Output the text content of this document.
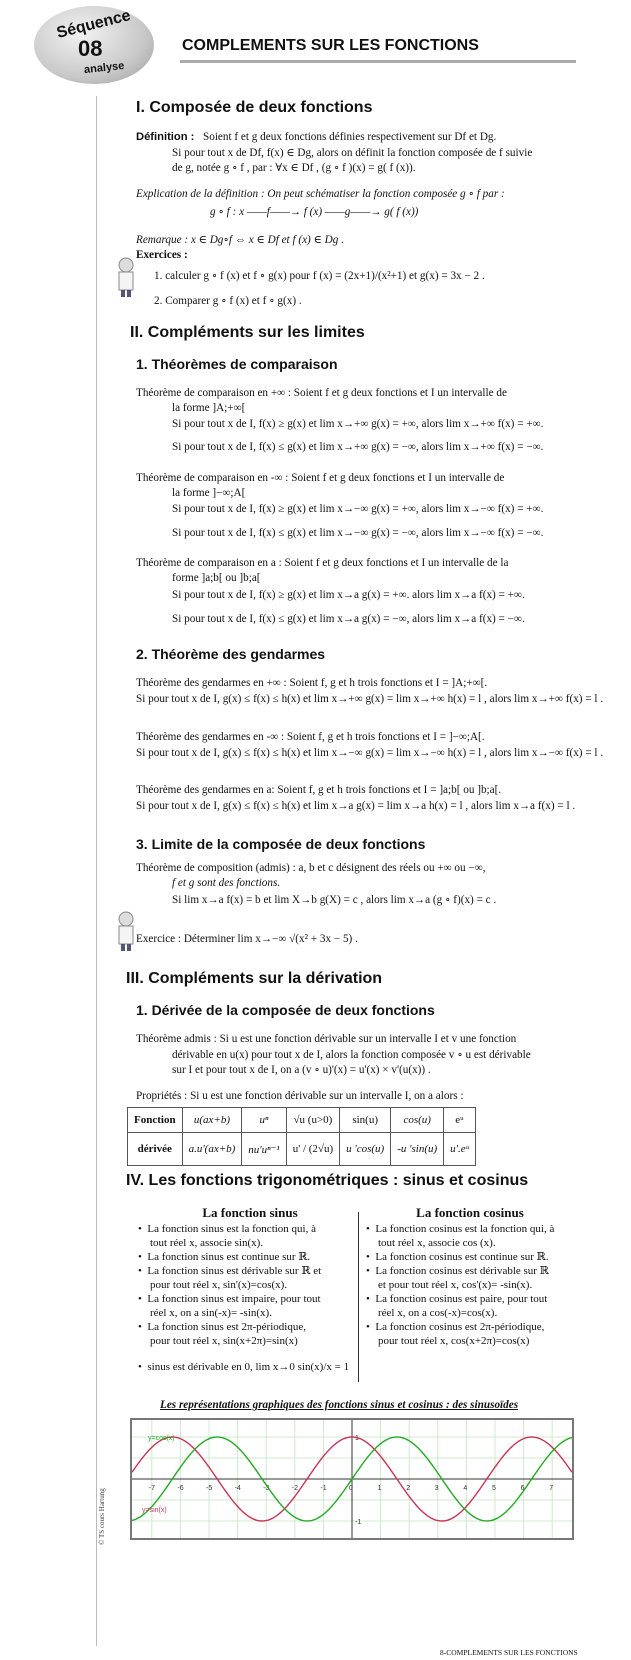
Séquence
08
analyse
COMPLEMENTS SUR LES FONCTIONS
I. Composée de deux fonctions
Définition : Soient f et g deux fonctions définies respectivement sur Df et Dg.
Si pour tout x de Df, f(x) ∈ Dg, alors on définit la fonction composée de f suivie
de g, notée g ∘ f , par : ∀x ∈ Df , (g ∘ f )(x) = g( f (x)).
Explication de la définition : On peut schématiser la fonction composée g ∘ f par :
g ∘ f : x ——f——→ f (x) ——g——→ g( f (x))
Remarque : x ∈ Dg∘f ⇔ x ∈ Df et f (x) ∈ Dg .
Exercices :
1. calculer g ∘ f (x) et f ∘ g(x) pour f (x) = (2x+1)/(x²+1) et g(x) = 3x − 2 .
2. Comparer g ∘ f (x) et f ∘ g(x) .
II. Compléments sur les limites
1. Théorèmes de comparaison
Théorème de comparaison en +∞ : Soient f et g deux fonctions et I un intervalle de
la forme ]A;+∞[
Si pour tout x de I, f(x) ≥ g(x) et lim x→+∞ g(x) = +∞, alors lim x→+∞ f(x) = +∞.
Si pour tout x de I, f(x) ≤ g(x) et lim x→+∞ g(x) = −∞, alors lim x→+∞ f(x) = −∞.
Théorème de comparaison en -∞ : Soient f et g deux fonctions et I un intervalle de
la forme ]−∞;A[
Si pour tout x de I, f(x) ≥ g(x) et lim x→−∞ g(x) = +∞, alors lim x→−∞ f(x) = +∞.
Si pour tout x de I, f(x) ≤ g(x) et lim x→−∞ g(x) = −∞, alors lim x→−∞ f(x) = −∞.
Théorème de comparaison en a : Soient f et g deux fonctions et I un intervalle de la
forme ]a;b[ ou ]b;a[
Si pour tout x de I, f(x) ≥ g(x) et lim x→a g(x) = +∞. alors lim x→a f(x) = +∞.
Si pour tout x de I, f(x) ≤ g(x) et lim x→a g(x) = −∞, alors lim x→a f(x) = −∞.
2. Théorème des gendarmes
Théorème des gendarmes en +∞ : Soient f, g et h trois fonctions et I = ]A;+∞[.
Si pour tout x de I, g(x) ≤ f(x) ≤ h(x) et lim x→+∞ g(x) = lim x→+∞ h(x) = l , alors lim x→+∞ f(x) = l .
Théorème des gendarmes en -∞ : Soient f, g et h trois fonctions et I = ]−∞;A[.
Si pour tout x de I, g(x) ≤ f(x) ≤ h(x) et lim x→−∞ g(x) = lim x→−∞ h(x) = l , alors lim x→−∞ f(x) = l .
Théorème des gendarmes en a: Soient f, g et h trois fonctions et I = ]a;b[ ou ]b;a[.
Si pour tout x de I, g(x) ≤ f(x) ≤ h(x) et lim x→a g(x) = lim x→a h(x) = l , alors lim x→a f(x) = l .
3. Limite de la composée de deux fonctions
Théorème de composition (admis) : a, b et c désignent des réels ou +∞ ou −∞,
f et g sont des fonctions.
Si lim x→a f(x) = b et lim X→b g(X) = c , alors lim x→a (g ∘ f)(x) = c .
Exercice : Déterminer lim x→−∞ √(x² + 3x − 5) .
III. Compléments sur la dérivation
1. Dérivée de la composée de deux fonctions
Théorème admis : Si u est une fonction dérivable sur un intervalle I et v une fonction
dérivable en u(x) pour tout x de I, alors la fonction composée v ∘ u est dérivable
sur I et pour tout x de I, on a (v ∘ u)'(x) = u'(x) × v'(u(x)) .
Propriétés : Si u est une fonction dérivable sur un intervalle I, on a alors :
Fonction	u(ax+b)	uⁿ	√u (u>0)	sin(u)	cos(u)	eᵘ
dérivée	a.u'(ax+b)	nu'uⁿ⁻¹	u' / (2√u)	u 'cos(u)	-u 'sin(u)	u'.eᵘ
IV. Les fonctions trigonométriques : sinus et cosinus
La fonction sinus	La fonction cosinus
•  La fonction sinus est la fonction qui, à
tout réel x, associe sin(x).
•  La fonction sinus est continue sur ℝ.
•  La fonction sinus est dérivable sur ℝ et
pour tout réel x, sin'(x)=cos(x).
•  La fonction sinus est impaire, pour tout
réel x, on a sin(-x)= -sin(x).
•  La fonction sinus est 2π-périodique,
pour tout réel x, sin(x+2π)=sin(x)
•  sinus est dérivable en 0, lim x→0 sin(x)/x = 1
•  La fonction cosinus est la fonction qui, à
tout réel x, associe cos (x).
•  La fonction cosinus est continue sur ℝ.
•  La fonction cosinus est dérivable sur ℝ
et pour tout réel x, cos'(x)= -sin(x).
•  La fonction cosinus est paire, pour tout
réel x, on a cos(-x)=cos(x).
•  La fonction cosinus est 2π-périodique,
pour tout réel x, cos(x+2π)=cos(x)
Les représentations graphiques des fonctions sinus et cosinus : des sinusoïdes
-7	-6	-5	-4	-3	-2	-1	0	1	2	3	4	5	6	7
1
-1
y=cos(x)
y=sin(x)
© TS cours Hartung
8-COMPLEMENTS SUR LES FONCTIONS
